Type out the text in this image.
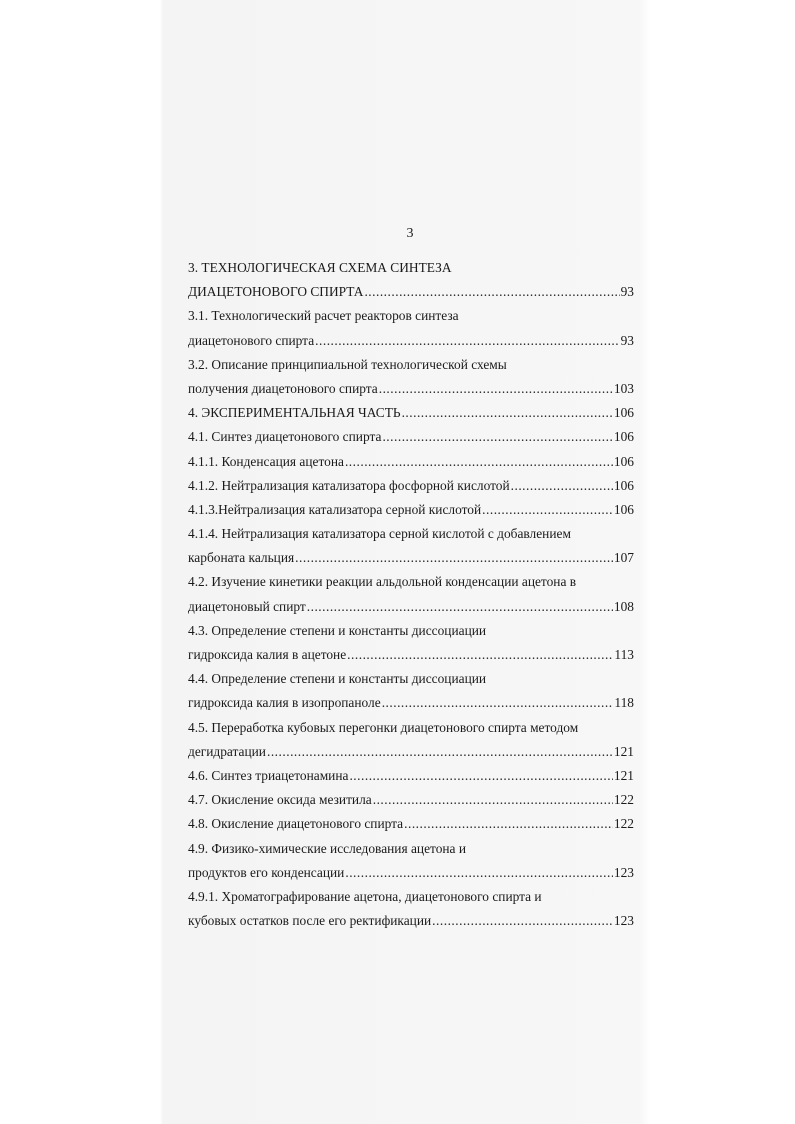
3
3. ТЕХНОЛОГИЧЕСКАЯ СХЕМА СИНТЕЗА
ДИАЦЕТОНОВОГО СПИРТА .....	93
3.1. Технологический расчет реакторов синтеза
диацетонового спирта .....	93
3.2. Описание принципиальной технологической схемы
получения диацетонового спирта .....	103
4. ЭКСПЕРИМЕНТАЛЬНАЯ ЧАСТЬ .....	106
4.1. Синтез диацетонового спирта .....	106
4.1.1. Конденсация ацетона .....	106
4.1.2. Нейтрализация катализатора фосфорной кислотой .....	106
4.1.3.Нейтрализация катализатора серной кислотой .....	106
4.1.4. Нейтрализация катализатора серной кислотой с добавлением
карбоната кальция .....	107
4.2. Изучение кинетики реакции альдольной конденсации ацетона в
диацетоновый спирт .....	108
4.3. Определение степени и константы диссоциации
гидроксида калия в ацетоне .....	113
4.4. Определение степени и константы диссоциации
гидроксида калия в изопропаноле .....	118
4.5. Переработка кубовых перегонки диацетонового спирта методом
дегидратации .....	121
4.6. Синтез триацетонамина .....	121
4.7. Окисление оксида мезитила .....	122
4.8. Окисление диацетонового спирта .....	122
4.9. Физико-химические исследования ацетона и
продуктов его конденсации .....	123
4.9.1. Хроматографирование ацетона, диацетонового спирта и
кубовых остатков после его ректификации .....	123
